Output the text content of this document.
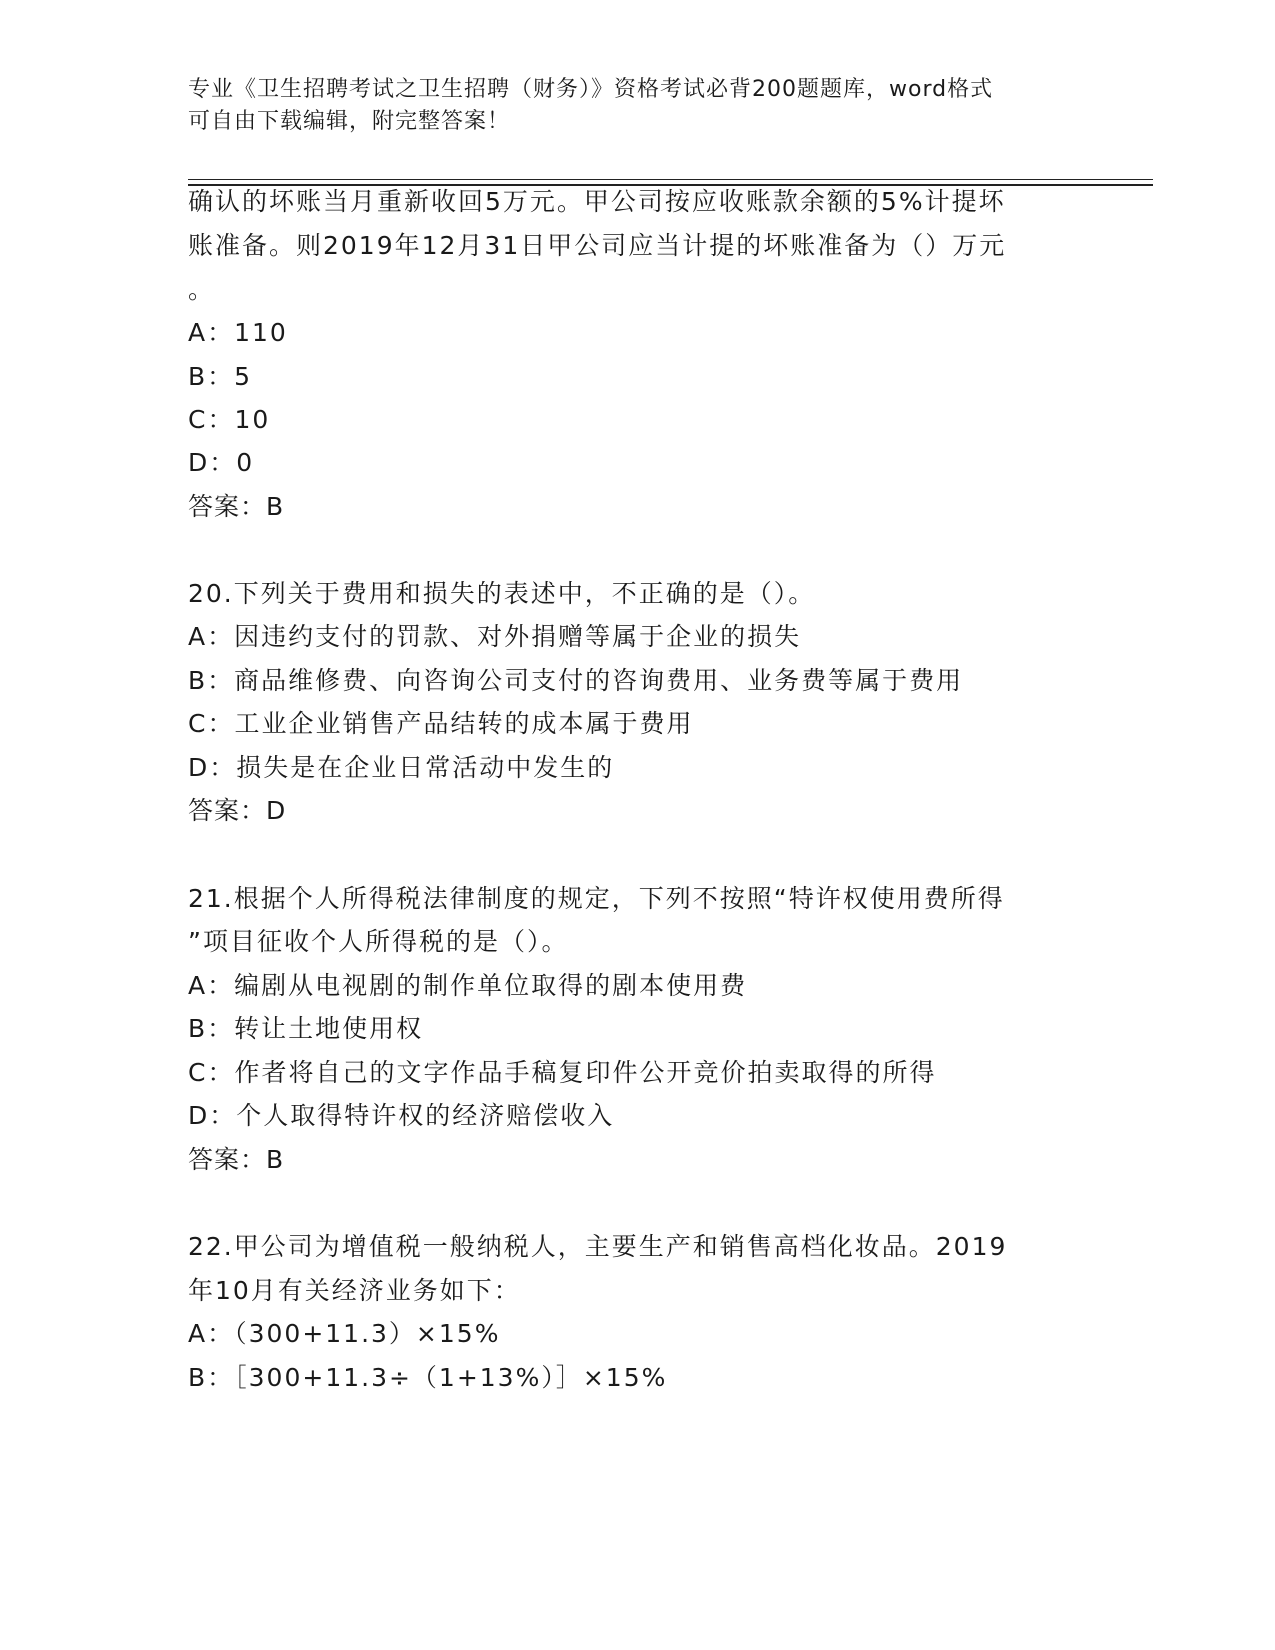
专业《卫生招聘考试之卫生招聘（财务）》资格考试必背200题题库，word格式
可自由下载编辑，附完整答案！
确认的坏账当月重新收回5万元。甲公司按应收账款余额的5%计提坏
账准备。则2019年12月31日甲公司应当计提的坏账准备为（）万元
。
A：110
B：5
C：10
D：0
答案：B
20.下列关于费用和损失的表述中，不正确的是（）。
A：因违约支付的罚款、对外捐赠等属于企业的损失
B：商品维修费、向咨询公司支付的咨询费用、业务费等属于费用
C：工业企业销售产品结转的成本属于费用
D：损失是在企业日常活动中发生的
答案：D
21.根据个人所得税法律制度的规定，下列不按照“特许权使用费所得
”项目征收个人所得税的是（）。
A：编剧从电视剧的制作单位取得的剧本使用费
B：转让土地使用权
C：作者将自己的文字作品手稿复印件公开竞价拍卖取得的所得
D：个人取得特许权的经济赔偿收入
答案：B
22.甲公司为增值税一般纳税人，主要生产和销售高档化妆品。2019
年10月有关经济业务如下：
A：（300+11.3）×15%
B：［300+11.3÷（1+13%）］×15%
